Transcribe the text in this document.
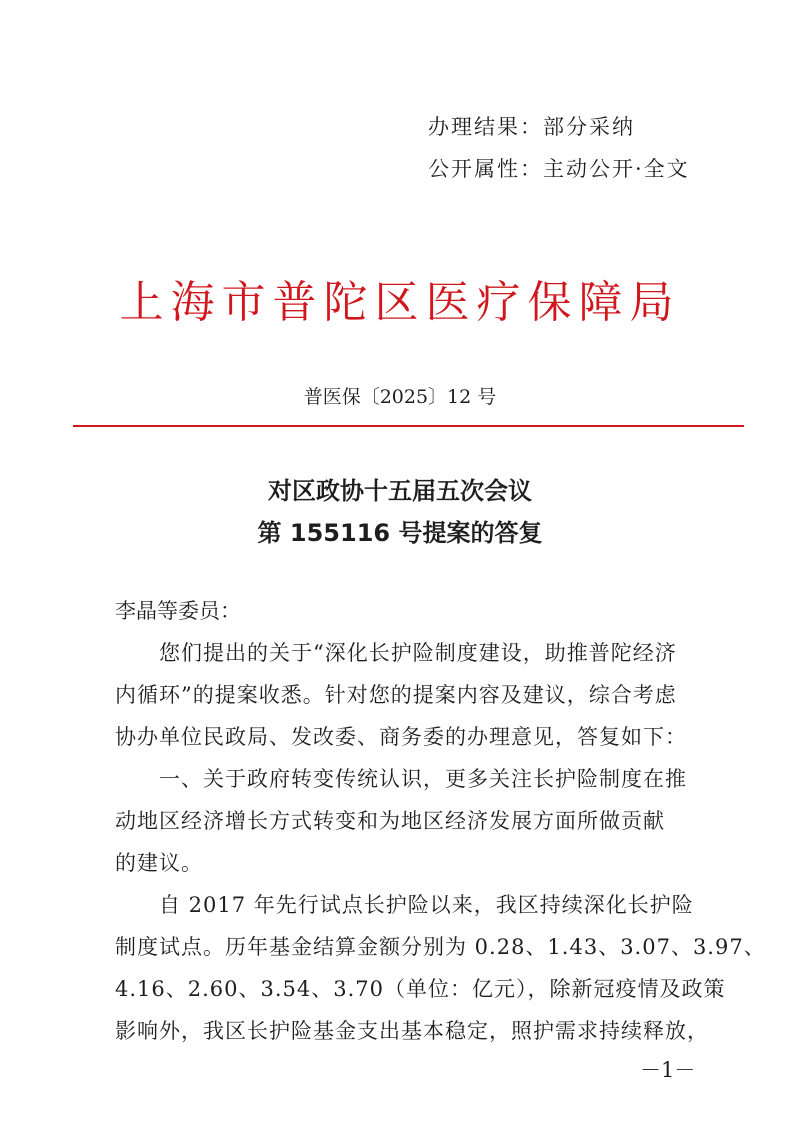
办理结果：部分采纳
公开属性：主动公开·全文
上海市普陀区医疗保障局
普医保〔2025〕12 号
对区政协十五届五次会议
第 155116 号提案的答复
李晶等委员：
　　您们提出的关于“深化长护险制度建设，助推普陀经济
内循环”的提案收悉。针对您的提案内容及建议，综合考虑
协办单位民政局、发改委、商务委的办理意见，答复如下：
　　一、关于政府转变传统认识，更多关注长护险制度在推
动地区经济增长方式转变和为地区经济发展方面所做贡献
的建议。
　　自 2017 年先行试点长护险以来，我区持续深化长护险
制度试点。历年基金结算金额分别为 0.28、1.43、3.07、3.97、
4.16、2.60、3.54、3.70（单位：亿元），除新冠疫情及政策
影响外，我区长护险基金支出基本稳定，照护需求持续释放，
－1－
